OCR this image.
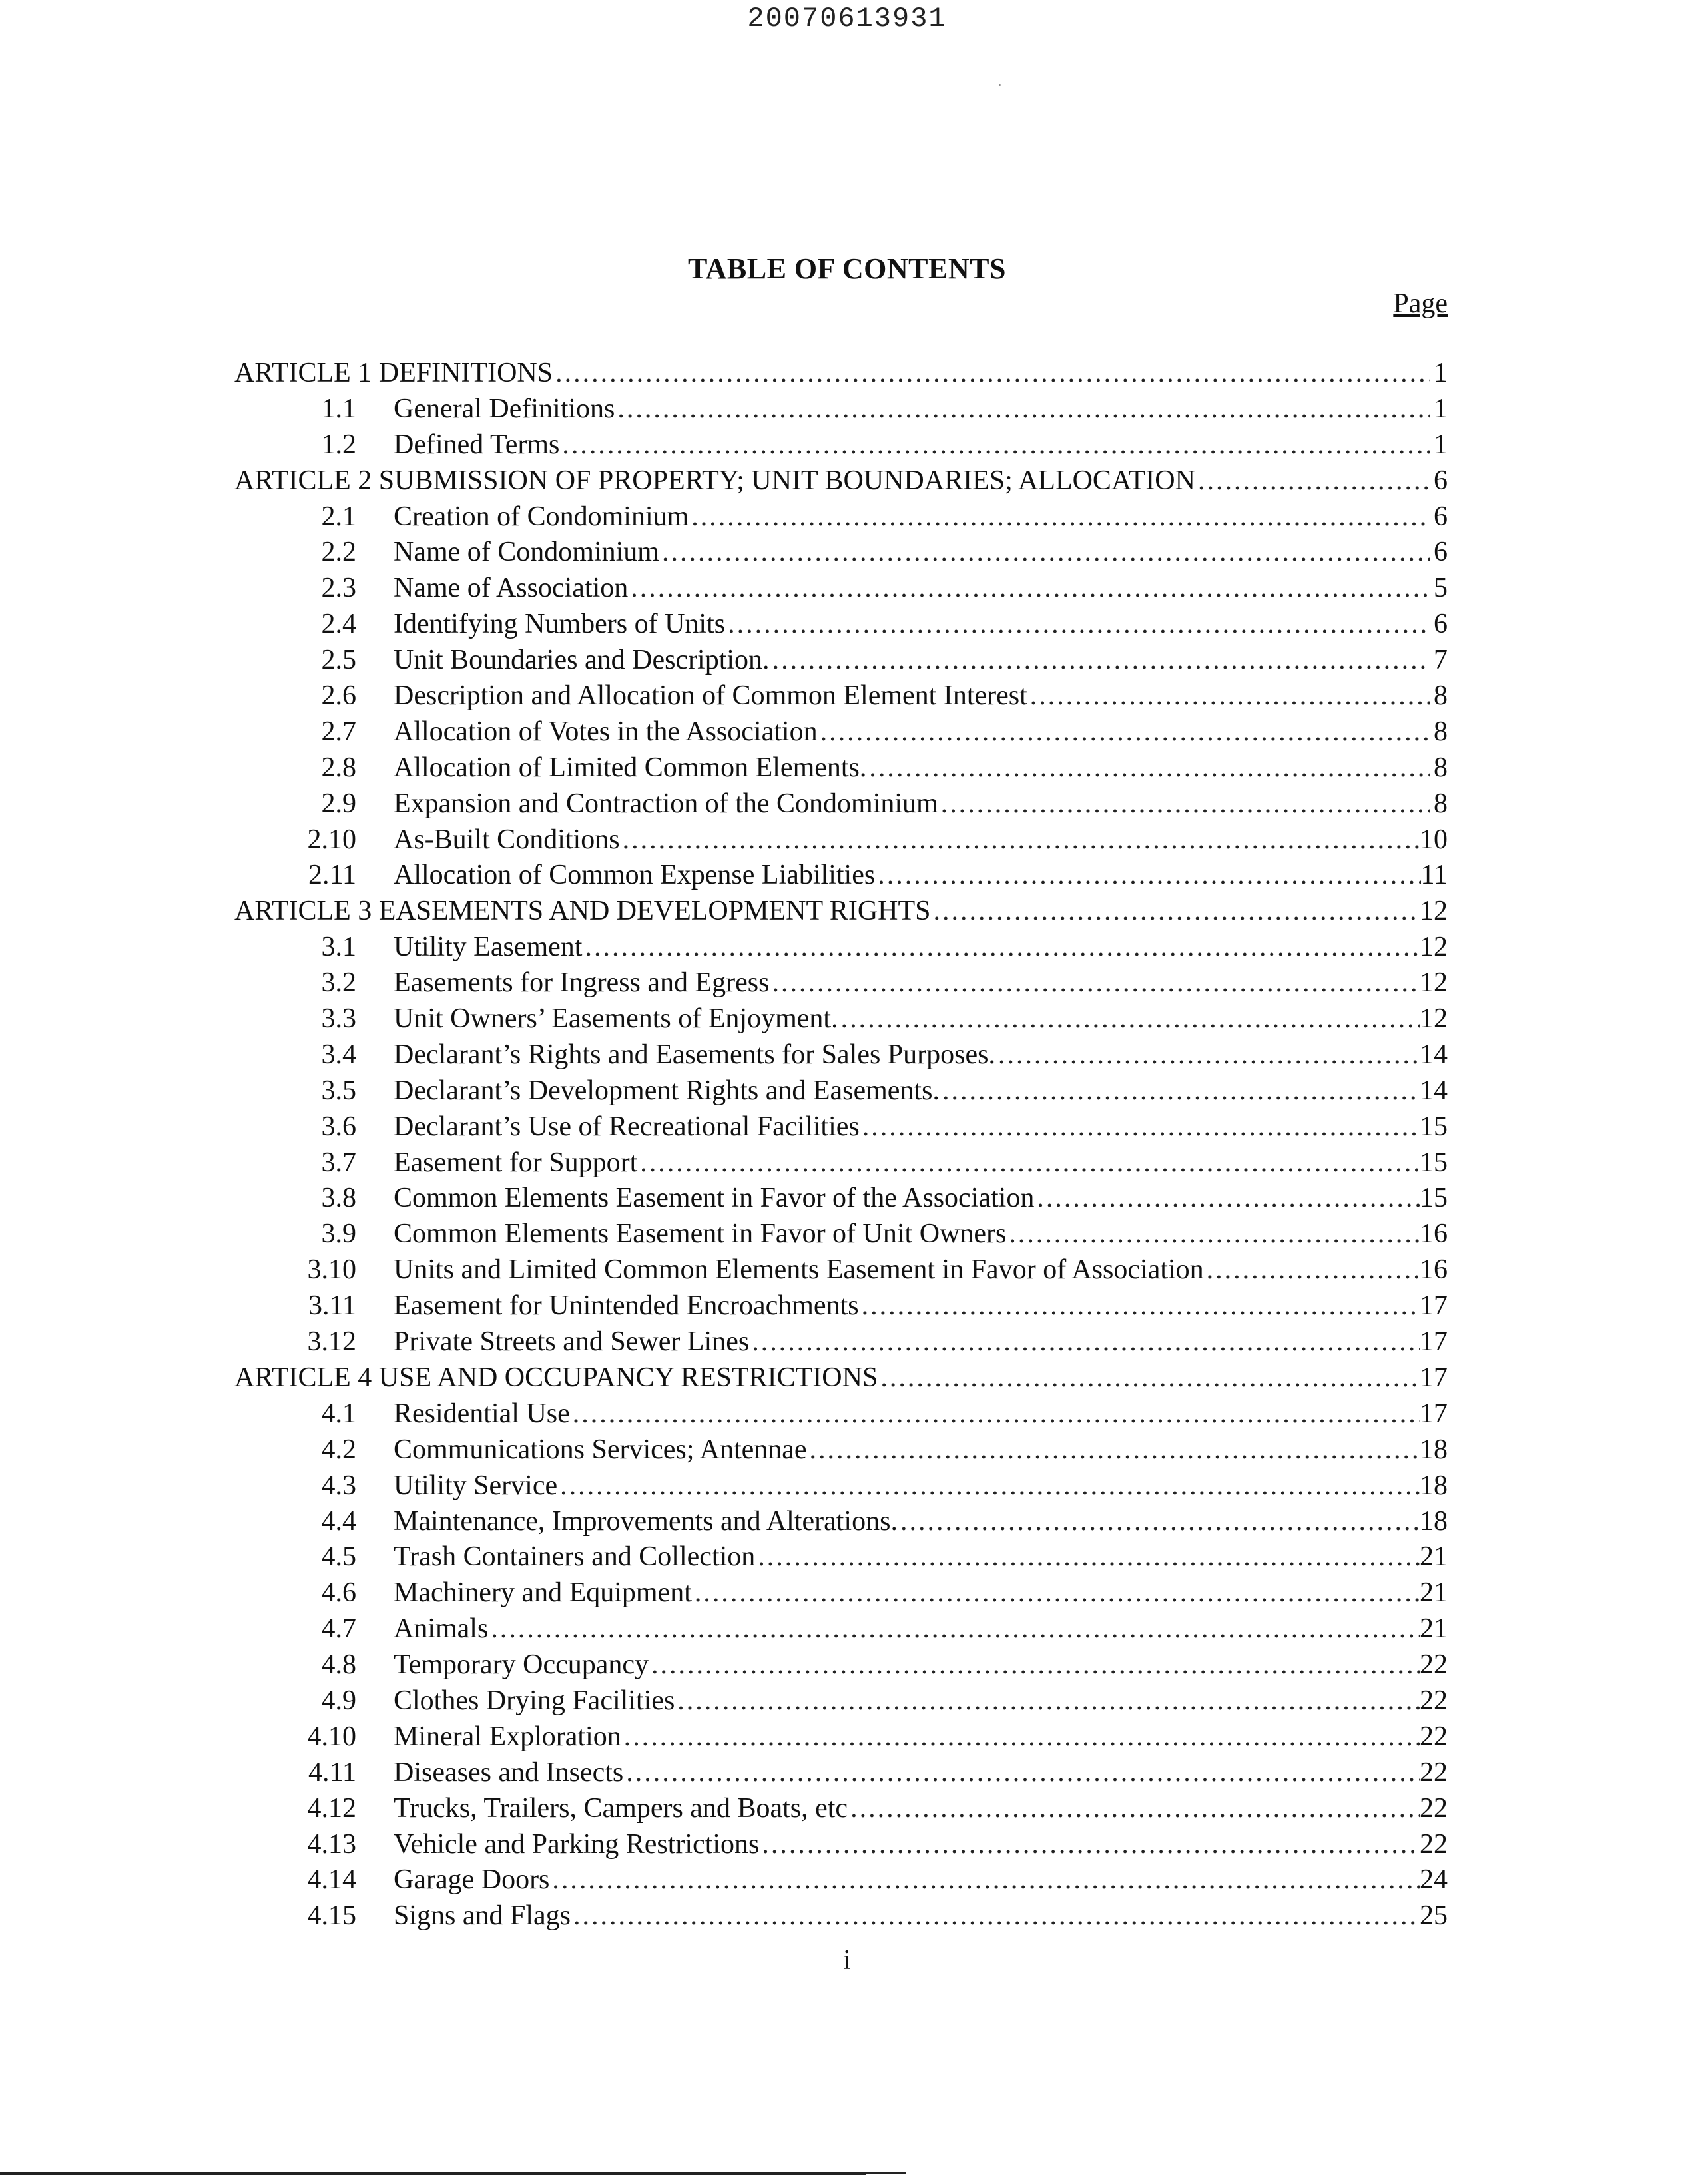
20070613931
TABLE OF CONTENTS
Page
ARTICLE 1 DEFINITIONS .....	1
1.1 General Definitions .....	1
1.2 Defined Terms .....	1
ARTICLE 2 SUBMISSION OF PROPERTY; UNIT BOUNDARIES; ALLOCATION .....	6
2.1 Creation of Condominium .....	6
2.2 Name of Condominium .....	6
2.3 Name of Association .....	5
2.4 Identifying Numbers of Units .....	6
2.5 Unit Boundaries and Description. .....	7
2.6 Description and Allocation of Common Element Interest .....	8
2.7 Allocation of Votes in the Association .....	8
2.8 Allocation of Limited Common Elements. .....	8
2.9 Expansion and Contraction of the Condominium .....	8
2.10 As-Built Conditions .....	10
2.11 Allocation of Common Expense Liabilities .....	11
ARTICLE 3 EASEMENTS AND DEVELOPMENT RIGHTS .....	12
3.1 Utility Easement .....	12
3.2 Easements for Ingress and Egress .....	12
3.3 Unit Owners’ Easements of Enjoyment. .....	12
3.4 Declarant’s Rights and Easements for Sales Purposes. .....	14
3.5 Declarant’s Development Rights and Easements. .....	14
3.6 Declarant’s Use of Recreational Facilities .....	15
3.7 Easement for Support .....	15
3.8 Common Elements Easement in Favor of the Association .....	15
3.9 Common Elements Easement in Favor of Unit Owners .....	16
3.10 Units and Limited Common Elements Easement in Favor of Association .....	16
3.11 Easement for Unintended Encroachments .....	17
3.12 Private Streets and Sewer Lines .....	17
ARTICLE 4 USE AND OCCUPANCY RESTRICTIONS .....	17
4.1 Residential Use .....	17
4.2 Communications Services; Antennae .....	18
4.3 Utility Service .....	18
4.4 Maintenance, Improvements and Alterations. .....	18
4.5 Trash Containers and Collection .....	21
4.6 Machinery and Equipment .....	21
4.7 Animals .....	21
4.8 Temporary Occupancy .....	22
4.9 Clothes Drying Facilities .....	22
4.10 Mineral Exploration .....	22
4.11 Diseases and Insects .....	22
4.12 Trucks, Trailers, Campers and Boats, etc .....	22
4.13 Vehicle and Parking Restrictions .....	22
4.14 Garage Doors .....	24
4.15 Signs and Flags .....	25
i
